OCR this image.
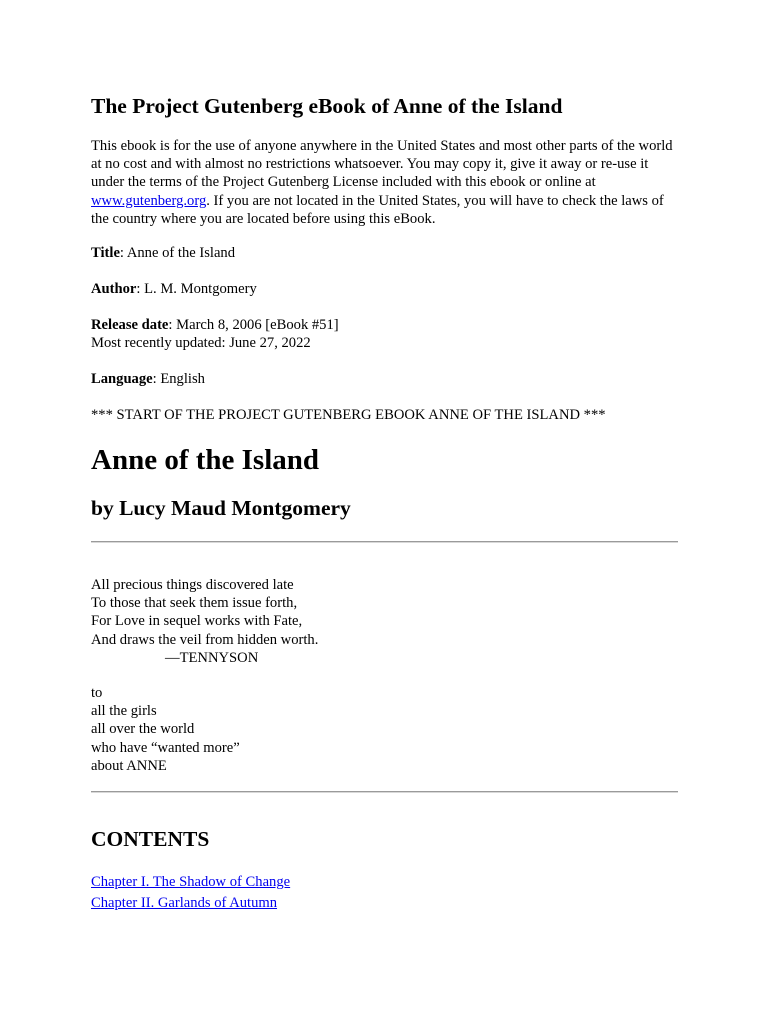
The Project Gutenberg eBook of Anne of the Island

This ebook is for the use of anyone anywhere in the United States and most other parts of the world at no cost and with almost no restrictions whatsoever. You may copy it, give it away or re-use it under the terms of the Project Gutenberg License included with this ebook or online at www.gutenberg.org. If you are not located in the United States, you will have to check the laws of the country where you are located before using this eBook.

Title: Anne of the Island

Author: L. M. Montgomery

Release date: March 8, 2006 [eBook #51]
Most recently updated: June 27, 2022

Language: English

*** START OF THE PROJECT GUTENBERG EBOOK ANNE OF THE ISLAND ***

Anne of the Island
by Lucy Maud Montgomery

All precious things discovered late
To those that seek them issue forth,
For Love in sequel works with Fate,
And draws the veil from hidden worth.
—TENNYSON

to
all the girls
all over the world
who have “wanted more”
about ANNE

CONTENTS
Chapter I. The Shadow of Change
Chapter II. Garlands of Autumn
